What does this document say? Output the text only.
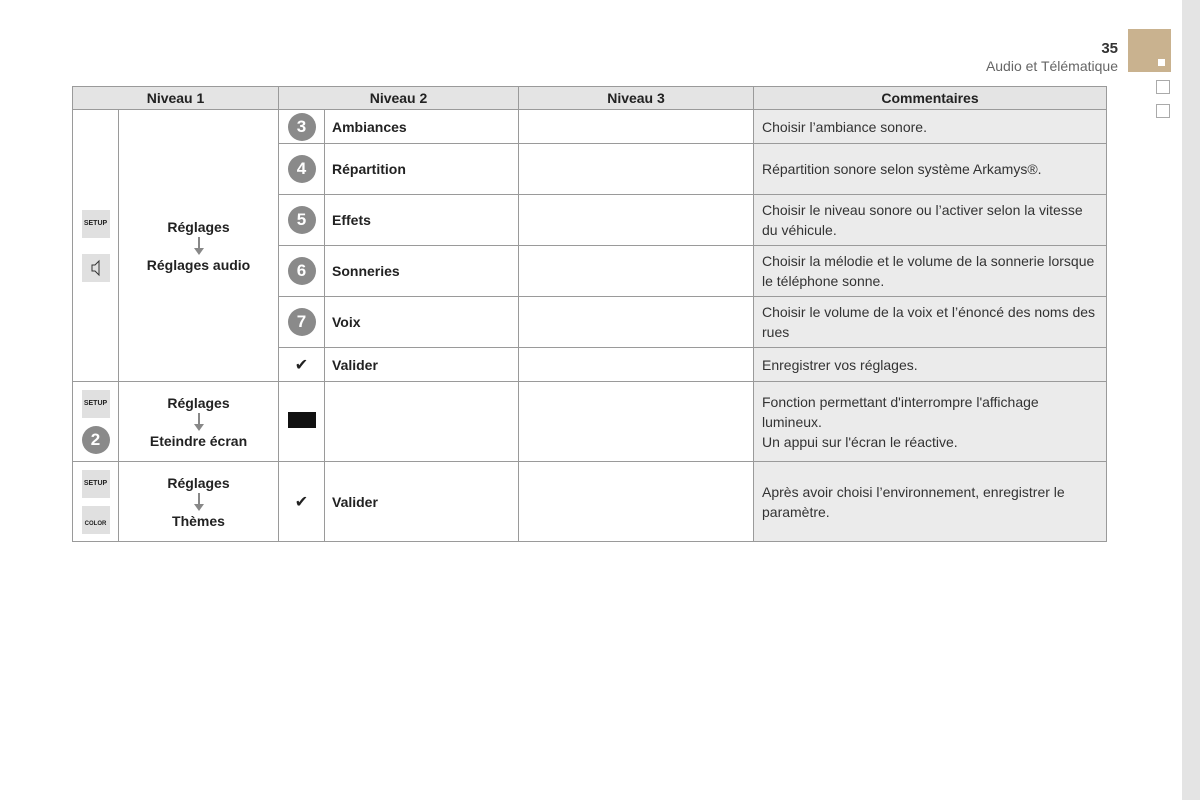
35
Audio et Télématique
Niveau 1		Niveau 2		Niveau 3	Commentaires
SETUP	Réglages
Réglages audio	3	Ambiances		Choisir l’ambiance sonore.
		4	Répartition		Répartition sonore selon système Arkamys®.
		5	Effets		Choisir le niveau sonore ou l’activer selon la vitesse du véhicule.
		6	Sonneries		Choisir la mélodie et le volume de la sonnerie lorsque le téléphone sonne.
		7	Voix		Choisir le volume de la voix et l’énoncé des noms des rues
		✔	Valider		Enregistrer vos réglages.
SETUP
2	Réglages
Eteindre écran				Fonction permettant d'interrompre l'affichage lumineux.
Un appui sur l'écran le réactive.
SETUP
COLOR	Réglages
Thèmes	✔	Valider		Après avoir choisi l’environnement, enregistrer le paramètre.
